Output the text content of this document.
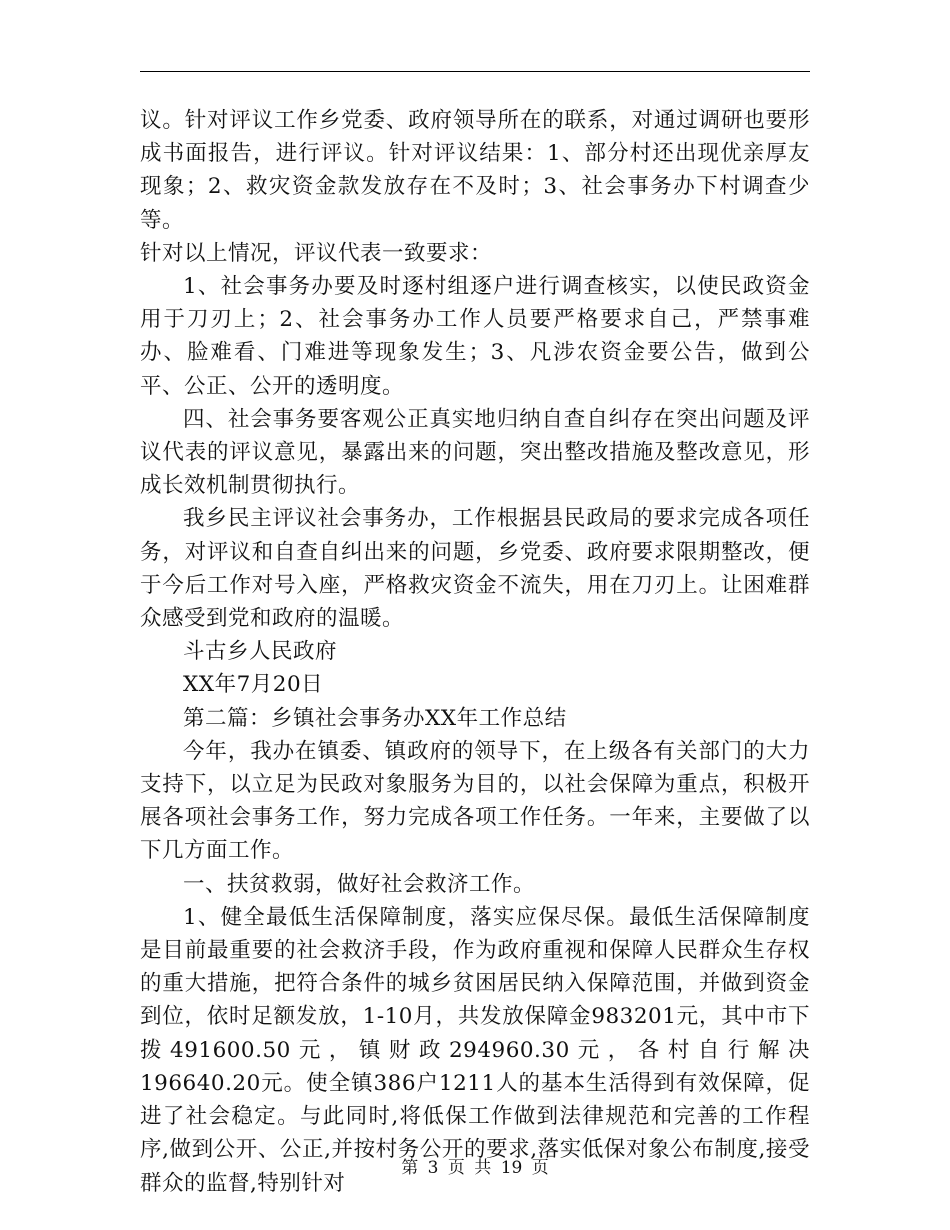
议。针对评议工作乡党委、政府领导所在的联系，对通过调研也要形成书面报告，进行评议。针对评议结果：1、部分村还出现优亲厚友现象；2、救灾资金款发放存在不及时；3、社会事务办下村调查少等。

针对以上情况，评议代表一致要求：

1、社会事务办要及时逐村组逐户进行调查核实，以使民政资金用于刀刃上；2、社会事务办工作人员要严格要求自己，严禁事难办、脸难看、门难进等现象发生；3、凡涉农资金要公告，做到公平、公正、公开的透明度。

四、社会事务要客观公正真实地归纳自查自纠存在突出问题及评议代表的评议意见，暴露出来的问题，突出整改措施及整改意见，形成长效机制贯彻执行。

我乡民主评议社会事务办，工作根据县民政局的要求完成各项任务，对评议和自查自纠出来的问题，乡党委、政府要求限期整改，便于今后工作对号入座，严格救灾资金不流失，用在刀刃上。让困难群众感受到党和政府的温暖。

斗古乡人民政府

XX年7月20日

第二篇：乡镇社会事务办XX年工作总结

今年，我办在镇委、镇政府的领导下，在上级各有关部门的大力支持下，以立足为民政对象服务为目的，以社会保障为重点，积极开展各项社会事务工作，努力完成各项工作任务。一年来，主要做了以下几方面工作。

一、扶贫救弱，做好社会救济工作。

1、健全最低生活保障制度，落实应保尽保。最低生活保障制度是目前最重要的社会救济手段，作为政府重视和保障人民群众生存权的重大措施，把符合条件的城乡贫困居民纳入保障范围，并做到资金到位，依时足额发放，1-10月，共发放保障金983201元，其中市下拨491600.50元，镇财政294960.30元，各村自行解决196640.20元。使全镇386户1211人的基本生活得到有效保障，促进了社会稳定。与此同时,将低保工作做到法律规范和完善的工作程序,做到公开、公正,并按村务公开的要求,落实低保对象公布制度,接受群众的监督,特别针对

第 3 页 共 19 页
